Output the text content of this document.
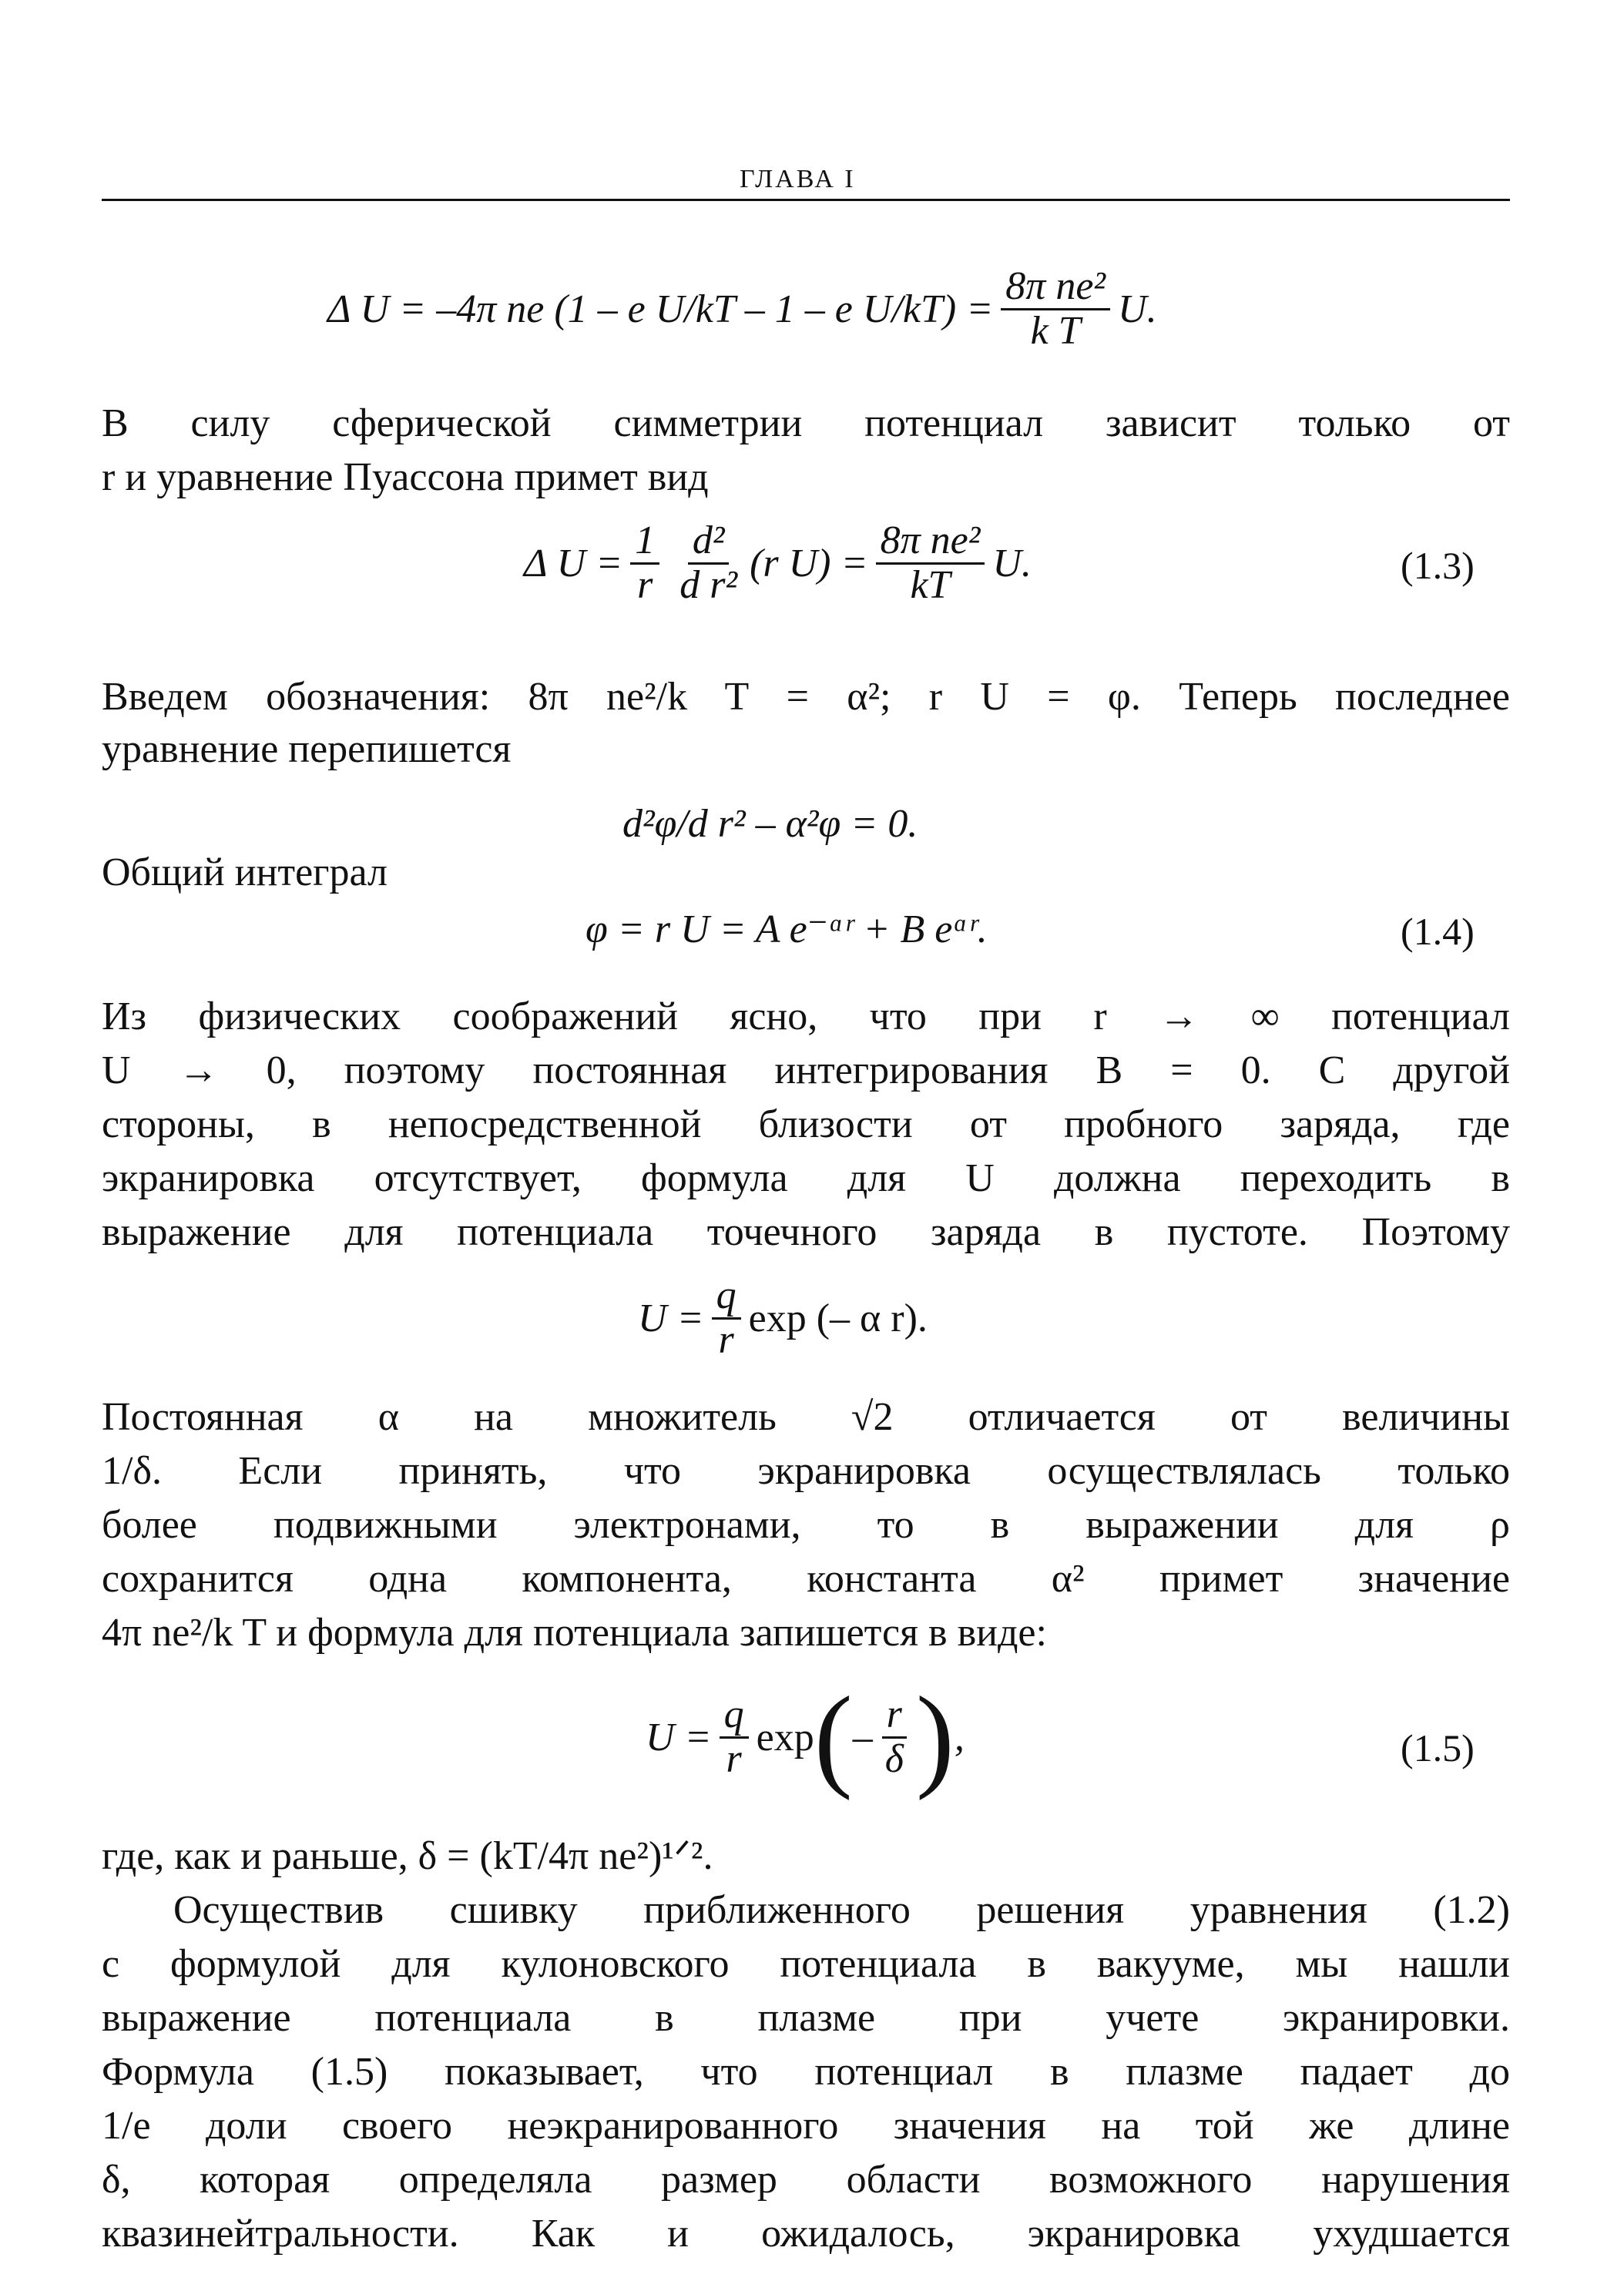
ГЛАВА I
Δ U = –4π ne (1 – e U/kT – 1 – e $U/kT) = \frac{\text{8π ne²}}{\text{k T}} U$.
В силу сферической симметрии потенциал зависит только от
r и уравнение Пуассона примет вид
Δ $U = \frac{1}{r} \frac{\text{d²}}{\text{d r²}} (r$ $U) = \frac{\text{8π ne²}}{kT} U$.	(1.3)
Введем обозначения: 8π ne²/k T = α²; r U = φ. Теперь последнее
уравнение перепишется
d²φ/d r² – α²φ = 0.
Общий интеграл
φ = r U = A e⁻ᵅʳ + B eᵅʳ.	(1.4)
Из физических соображений ясно, что при r → ∞ потенциал
U → 0, поэтому постоянная интегрирования B = 0. С другой
стороны, в непосредственной близости от пробного заряда, где
экранировка отсутствует, формула для U должна переходить в
выражение для потенциала точечного заряда в пустоте. Поэтому
$U = \frac{q}{r}$ exp (– α r).
Постоянная α на множитель √2 отличается от величины
1/δ. Если принять, что экранировка осуществлялась только
более подвижными электронами, то в выражении для ρ
сохранится одна компонента, константа α² примет значение
4π ne²/k T и формула для потенциала запишется в виде:
$U = \frac{q}{r}$ exp ( – $\frac{r}{\delta}$ ) ,	(1.5)
где, как и раньше, δ = (kT/4π ne²)¹ᐟ².
Осуществив сшивку приближенного решения уравнения (1.2)
с формулой для кулоновского потенциала в вакууме, мы нашли
выражение потенциала в плазме при учете экранировки.
Формула (1.5) показывает, что потенциал в плазме падает до
1/e доли своего неэкранированного значения на той же длине
δ, которая определяла размер области возможного нарушения
квазинейтральности. Как и ожидалось, экранировка ухудшается
